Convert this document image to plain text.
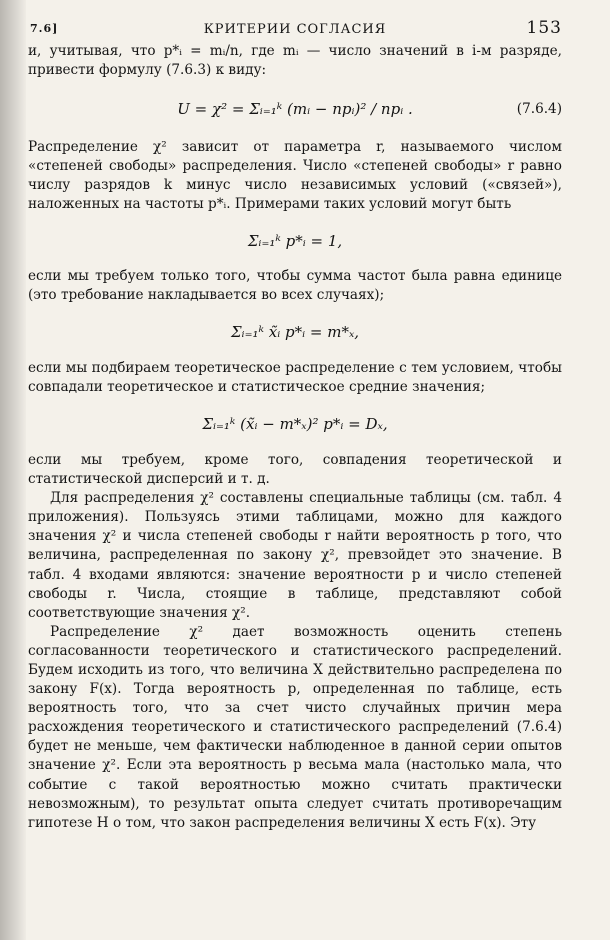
7.6]	КРИТЕРИИ СОГЛАСИЯ	153

и, учитывая, что p*ᵢ = mᵢ/n, где mᵢ — число значений в i-м разряде, привести формулу (7.6.3) к виду:

U = χ² = Σᵢ₌₁ᵏ (mᵢ − npᵢ)² / npᵢ .	(7.6.4)

Распределение χ² зависит от параметра r, называемого числом «степеней свободы» распределения. Число «степеней свободы» r равно числу разрядов k минус число независимых условий («связей»), наложенных на частоты p*ᵢ. Примерами таких условий могут быть

Σᵢ₌₁ᵏ p*ᵢ = 1,

если мы требуем только того, чтобы сумма частот была равна единице (это требование накладывается во всех случаях);

Σᵢ₌₁ᵏ x̃ᵢ p*ᵢ = m*ₓ,

если мы подбираем теоретическое распределение с тем условием, чтобы совпадали теоретическое и статистическое средние значения;

Σᵢ₌₁ᵏ (x̃ᵢ − m*ₓ)² p*ᵢ = Dₓ,

если мы требуем, кроме того, совпадения теоретической и статистической дисперсий и т. д.

Для распределения χ² составлены специальные таблицы (см. табл. 4 приложения). Пользуясь этими таблицами, можно для каждого значения χ² и числа степеней свободы r найти вероятность p того, что величина, распределенная по закону χ², превзойдет это значение. В табл. 4 входами являются: значение вероятности p и число степеней свободы r. Числа, стоящие в таблице, представляют собой соответствующие значения χ².

Распределение χ² дает возможность оценить степень согласованности теоретического и статистического распределений. Будем исходить из того, что величина X действительно распределена по закону F(x). Тогда вероятность p, определенная по таблице, есть вероятность того, что за счет чисто случайных причин мера расхождения теоретического и статистического распределений (7.6.4) будет не меньше, чем фактически наблюденное в данной серии опытов значение χ². Если эта вероятность p весьма мала (настолько мала, что событие с такой вероятностью можно считать практически невозможным), то результат опыта следует считать противоречащим гипотезе H о том, что закон распределения величины X есть F(x). Эту
